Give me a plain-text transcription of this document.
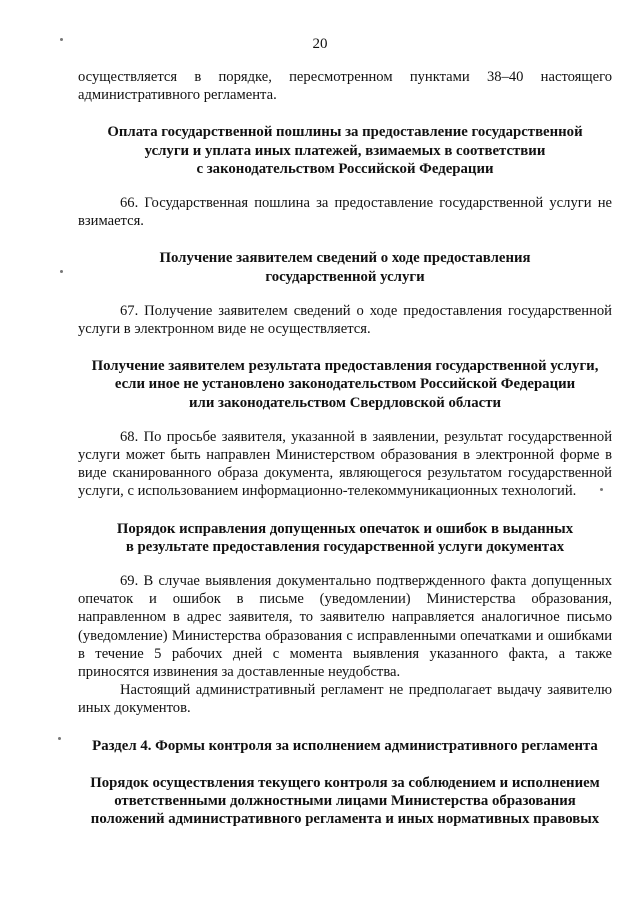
20

осуществляется в порядке, пересмотренном пунктами 38–40 настоящего административного регламента.

Оплата государственной пошлины за предоставление государственной
услуги и уплата иных платежей, взимаемых в соответствии
с законодательством Российской Федерации

66. Государственная пошлина за предоставление государственной услуги не взимается.

Получение заявителем сведений о ходе предоставления
государственной услуги

67. Получение заявителем сведений о ходе предоставления государственной услуги в электронном виде не осуществляется.

Получение заявителем результата предоставления государственной услуги,
если иное не установлено законодательством Российской Федерации
или законодательством Свердловской области

68. По просьбе заявителя, указанной в заявлении, результат государственной услуги может быть направлен Министерством образования в электронной форме в виде сканированного образа документа, являющегося результатом государственной услуги, с использованием информационно-телекоммуникационных технологий.

Порядок исправления допущенных опечаток и ошибок в выданных
в результате предоставления государственной услуги документах

69. В случае выявления документально подтвержденного факта допущенных опечаток и ошибок в письме (уведомлении) Министерства образования, направленном в адрес заявителя, то заявителю направляется аналогичное письмо (уведомление) Министерства образования с исправленными опечатками и ошибками в течение 5 рабочих дней с момента выявления указанного факта, а также приносятся извинения за доставленные неудобства.

Настоящий административный регламент не предполагает выдачу заявителю иных документов.

Раздел 4. Формы контроля за исполнением административного регламента
Порядок осуществления текущего контроля за соблюдением и исполнением
ответственными должностными лицами Министерства образования
положений административного регламента и иных нормативных правовых
